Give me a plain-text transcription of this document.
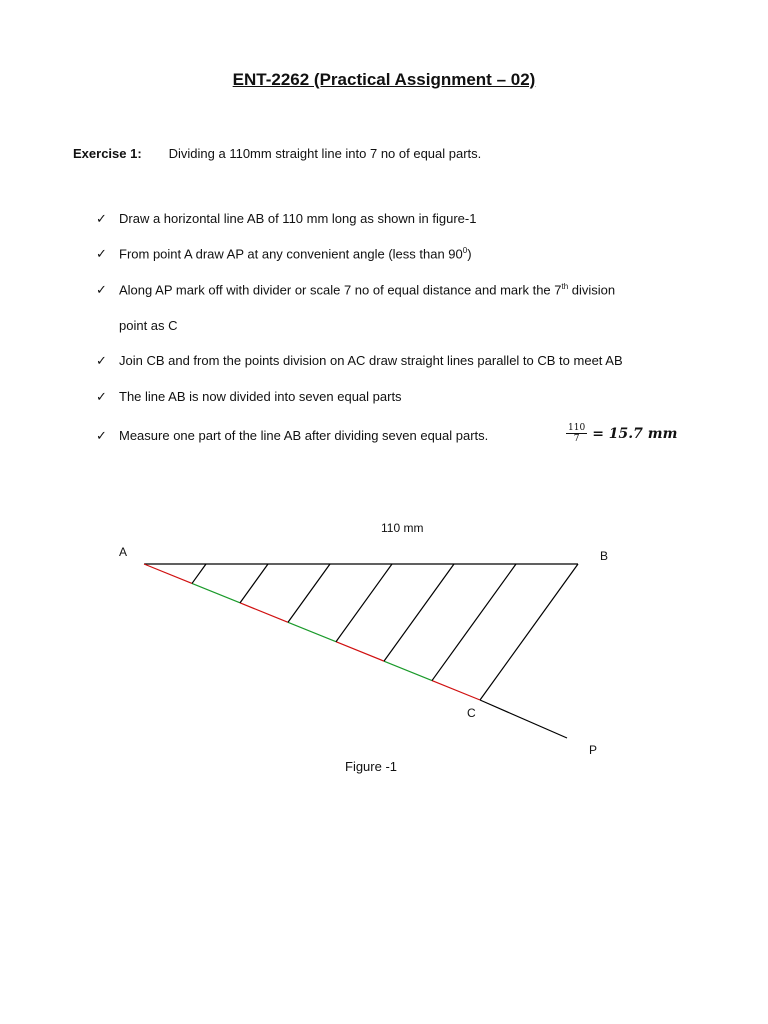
ENT-2262 (Practical Assignment – 02)
Exercise 1: Dividing a 110mm straight line into 7 no of equal parts.
✓ Draw a horizontal line AB of 110 mm long as shown in figure-1
✓ From point A draw AP at any convenient angle (less than $90^0$)
✓ Along AP mark off with divider or scale 7 no of equal distance and mark the 7th division
point as C
✓ Join CB and from the points division on AC draw straight lines parallel to CB to meet AB
✓ The line AB is now divided into seven equal parts
✓ Measure one part of the line AB after dividing seven equal parts.	$\frac{110}{7} = 15.7$ mm
110 mm
A	B
C
P
Figure -1
